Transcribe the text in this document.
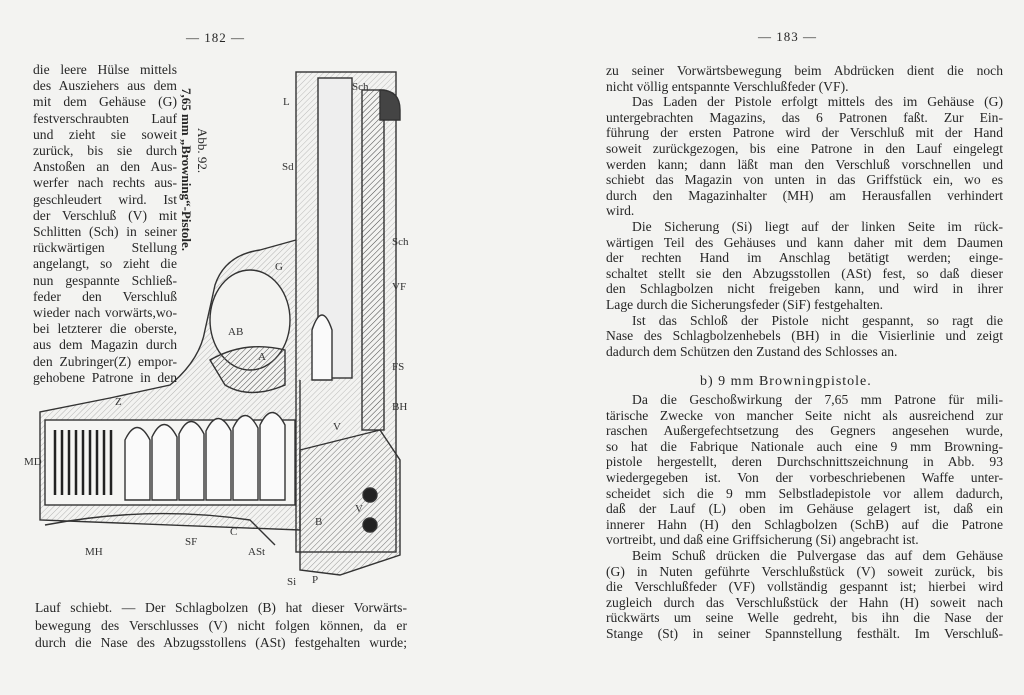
— 182 —	— 183 —
die leere Hülse mittels
des Ausziehers aus dem
mit dem Gehäuse (G)
festverschraubten Lauf
und zieht sie soweit
zurück, bis sie durch
Anstoßen an den Aus-
werfer nach rechts aus-
geschleudert wird. Ist
der Verschluß (V) mit
Schlitten (Sch) in seiner
rückwärtigen Stellung
angelangt, so zieht die
nun gespannte Schließ-
feder den Verschluß
wieder nach vorwärts,wo-
bei letzterer die oberste,
aus dem Magazin durch
den Zubringer(Z) empor-
gehobene Patrone in den
Abb. 92.
7,65 mm „Browning“-Pistole.	L
Sch
Sd
Sch
VF
FS
BH
G
AB
A
Z
MD
MH
SF
C
ASt
Si P
B
V
V
Lauf schiebt. — Der Schlagbolzen (B) hat dieser Vorwärts-
bewegung des Verschlusses (V) nicht folgen können, da er
durch die Nase des Abzugsstollens (ASt) festgehalten wurde;
zu seiner Vorwärtsbewegung beim Abdrücken dient die noch
nicht völlig entspannte Verschlußfeder (VF).
Das Laden der Pistole erfolgt mittels des im Gehäuse (G)
untergebrachten Magazins, das 6 Patronen faßt. Zur Ein-
führung der ersten Patrone wird der Verschluß mit der Hand
soweit zurückgezogen, bis eine Patrone in den Lauf eingelegt
werden kann; dann läßt man den Verschluß vorschnellen und
schiebt das Magazin von unten in das Griffstück ein, wo es
durch den Magazinhalter (MH) am Herausfallen verhindert
wird.
Die Sicherung (Si) liegt auf der linken Seite im rück-
wärtigen Teil des Gehäuses und kann daher mit dem Daumen
der rechten Hand im Anschlag betätigt werden; einge-
schaltet stellt sie den Abzugsstollen (ASt) fest, so daß dieser
den Schlagbolzen nicht freigeben kann, und wird in ihrer
Lage durch die Sicherungsfeder (SiF) festgehalten.
Ist das Schloß der Pistole nicht gespannt, so ragt die
Nase des Schlagbolzenhebels (BH) in die Visierlinie und zeigt
dadurch dem Schützen den Zustand des Schlosses an.
Da die Geschoßwirkung der 7,65 mm Patrone für mili-
tärische Zwecke von mancher Seite nicht als ausreichend zur
raschen Außergefechtsetzung des Gegners angesehen wurde,
so hat die Fabrique Nationale auch eine 9 mm Browning-
pistole hergestellt, deren Durchschnittszeichnung in Abb. 93
wiedergegeben ist. Von der vorbeschriebenen Waffe unter-
scheidet sich die 9 mm Selbstladepistole vor allem dadurch,
daß der Lauf (L) oben im Gehäuse gelagert ist, daß ein
innerer Hahn (H) den Schlagbolzen (SchB) auf die Patrone
vortreibt, und daß eine Griffsicherung (Si) angebracht ist.
Beim Schuß drücken die Pulvergase das auf dem Gehäuse
(G) in Nuten geführte Verschlußstück (V) soweit zurück, bis
die Verschlußfeder (VF) vollständig gespannt ist; hierbei wird
zugleich durch das Verschlußstück der Hahn (H) soweit nach
rückwärts um seine Welle gedreht, bis ihn die Nase der
Stange (St) in seiner Spannstellung festhält. Im Verschluß-
b) 9 mm Browningpistole.
